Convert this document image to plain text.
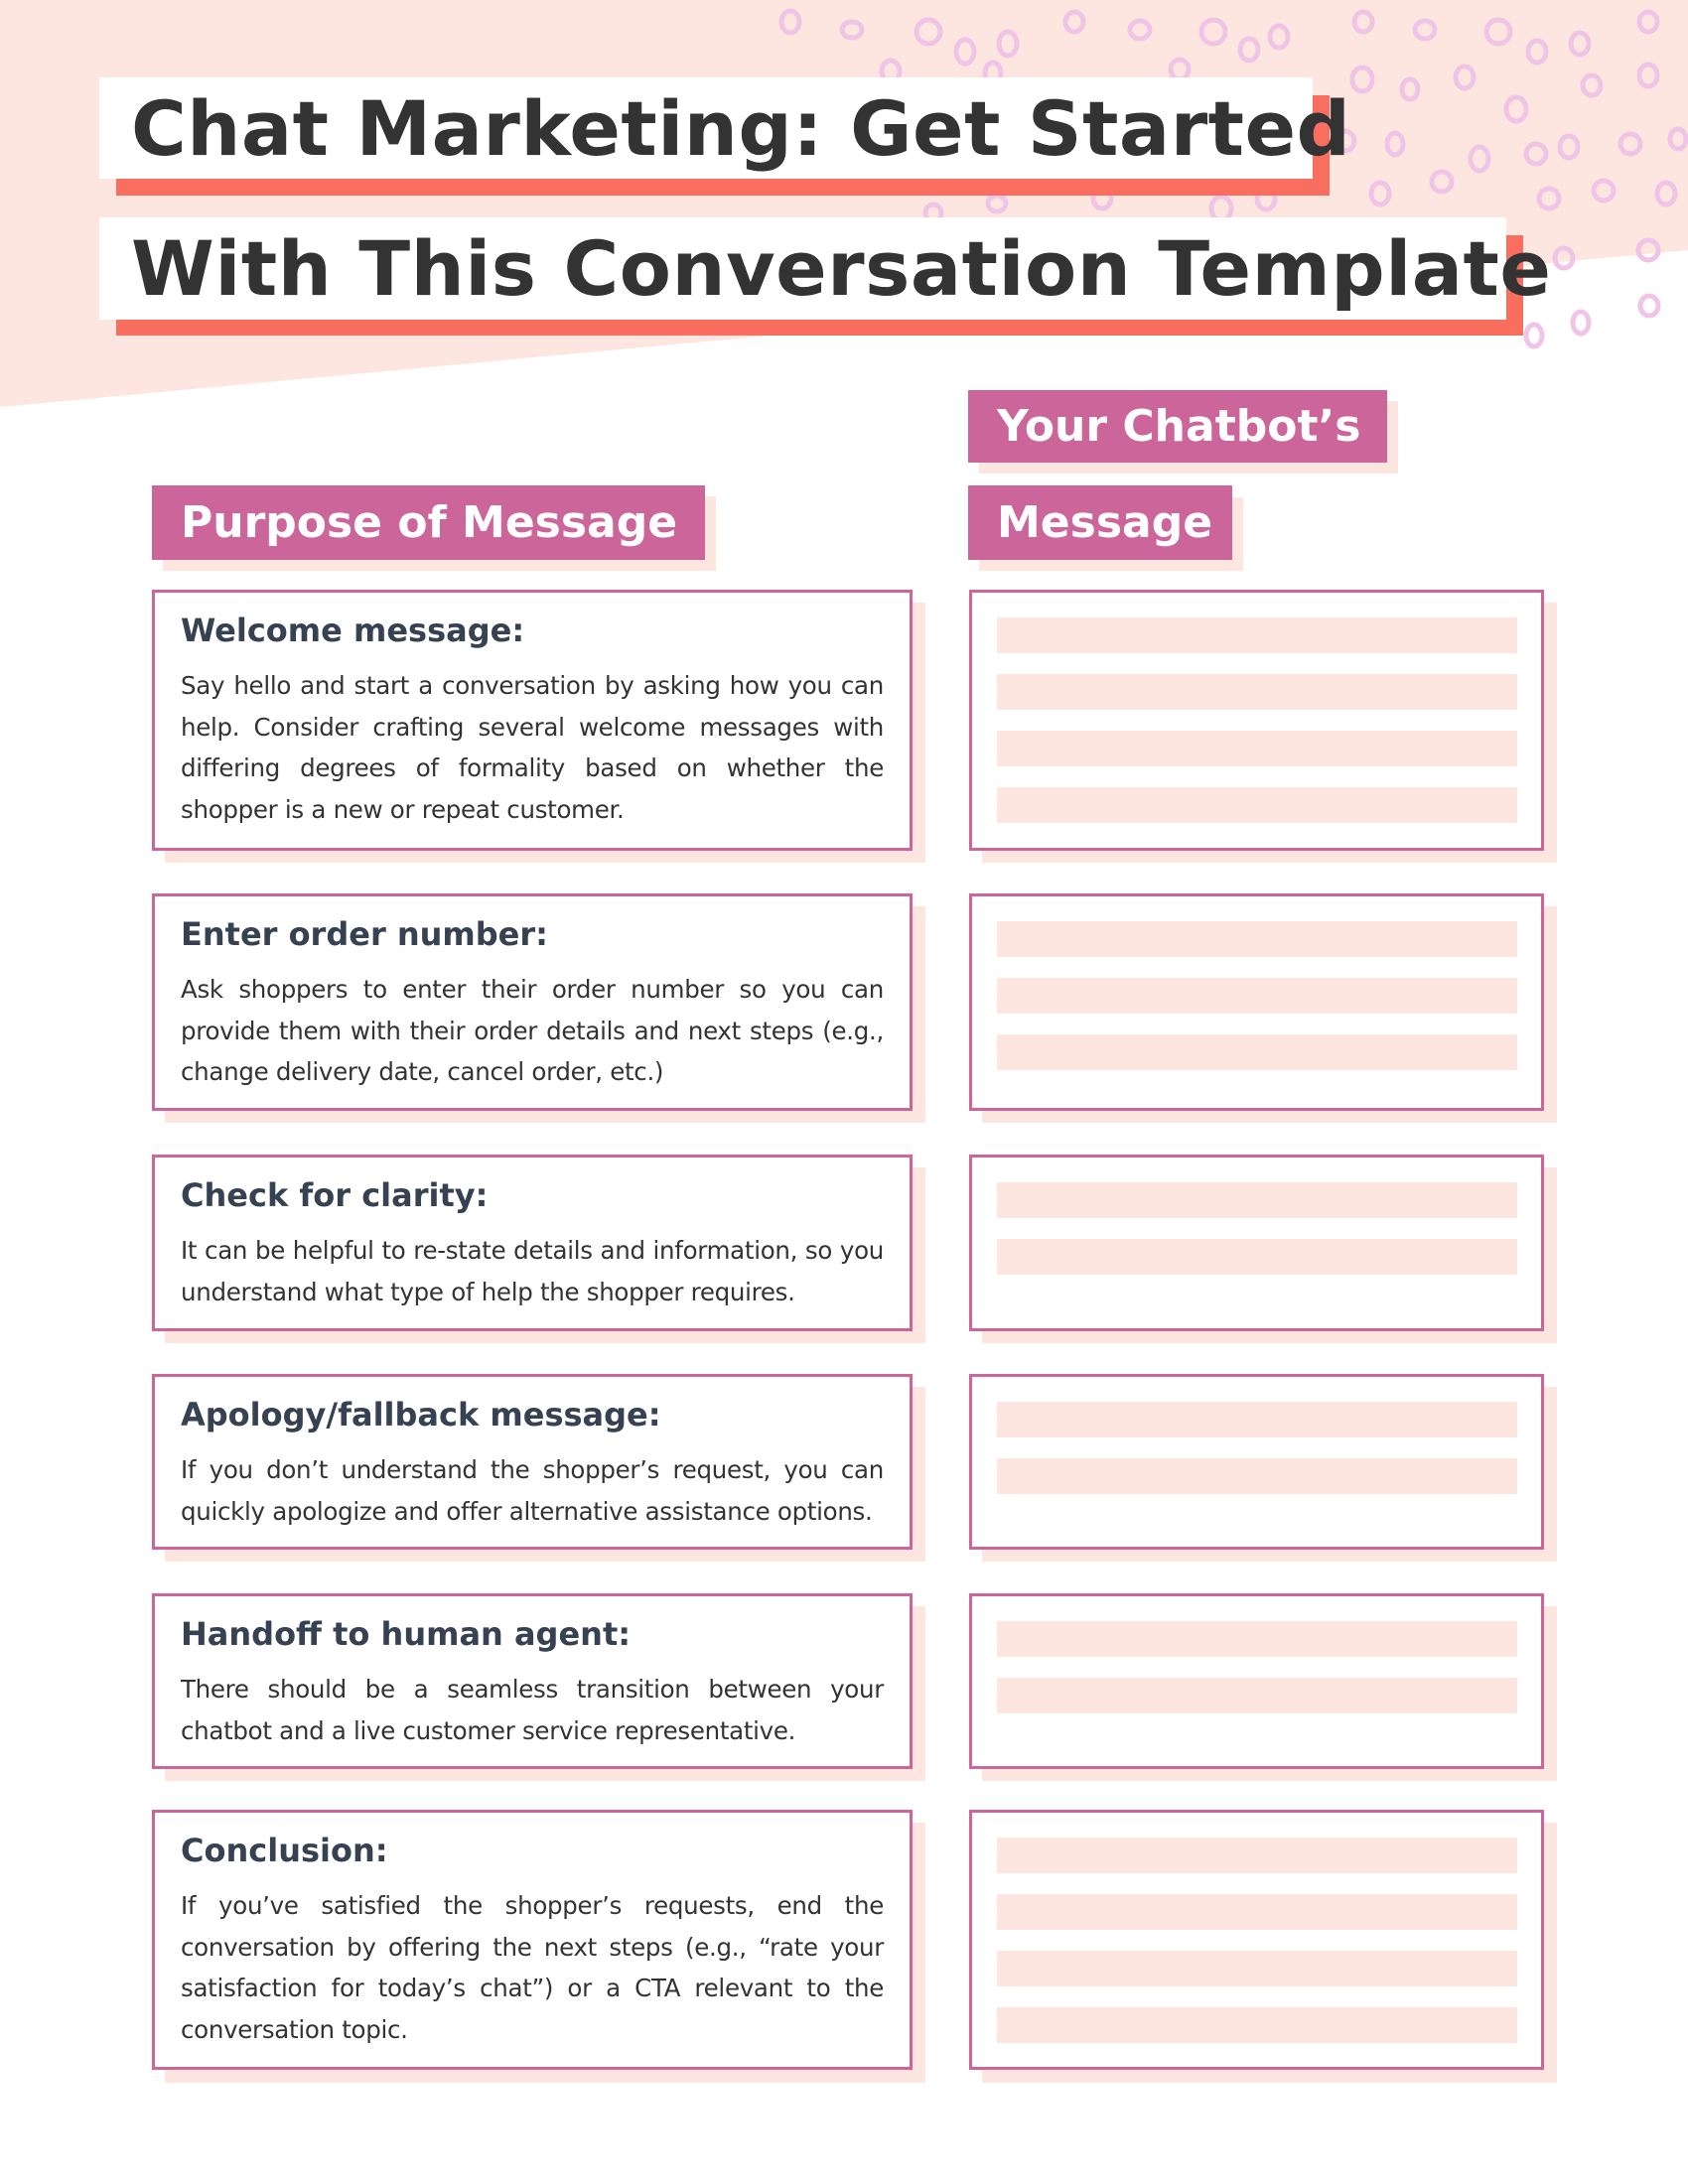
Chat Marketing: Get Started
With This Conversation Template
Purpose of Message
Your Chatbot’s
Message
Welcome message:
Say hello and start a conversation by asking how you can help. Consider crafting several welcome messages with differing degrees of formality based on whether the shopper is a new or repeat customer.
Enter order number:
Ask shoppers to enter their order number so you can provide them with their order details and next steps (e.g., change delivery date, cancel order, etc.)
Check for clarity:
It can be helpful to re-state details and information, so you understand what type of help the shopper requires.
Apology/fallback message:
If you don’t understand the shopper’s request, you can quickly apologize and offer alternative assistance options.
Handoff to human agent:
There should be a seamless transition between your chatbot and a live customer service representative.
Conclusion:
If you’ve satisfied the shopper’s requests, end the conversation by offering the next steps (e.g., “rate your satisfaction for today’s chat”) or a CTA relevant to the conversation topic.
